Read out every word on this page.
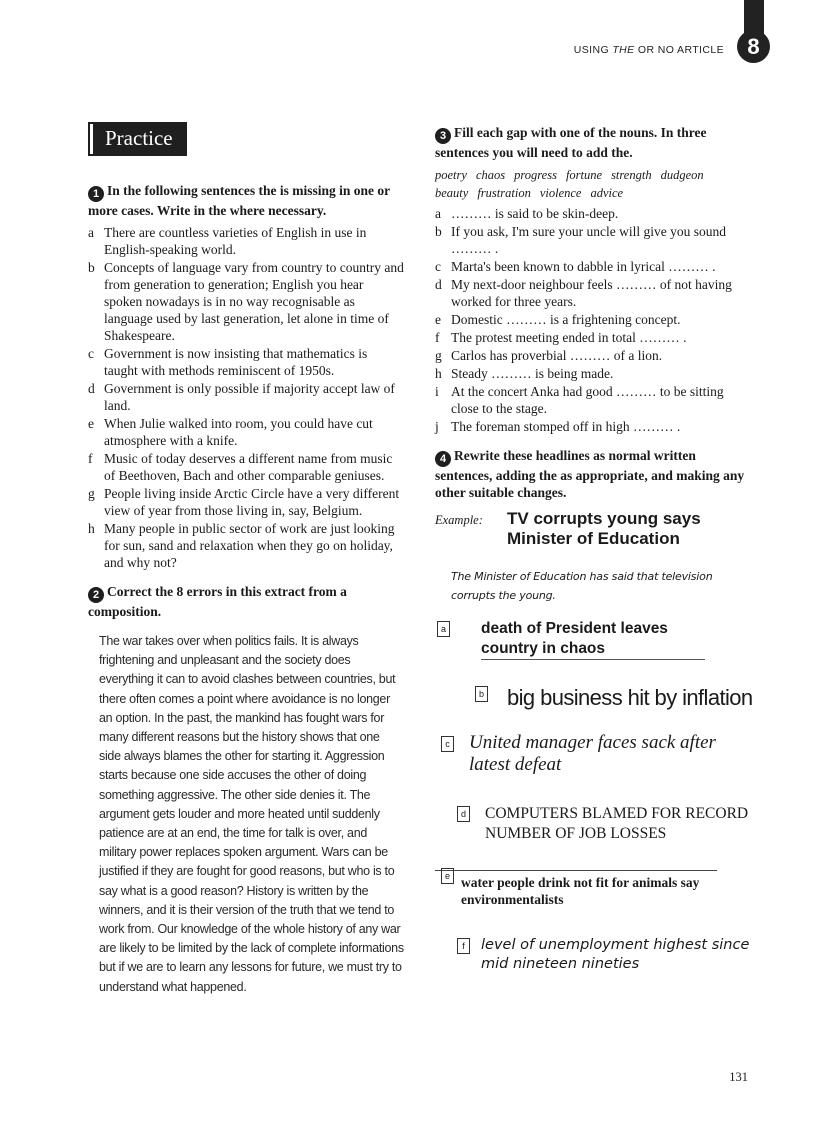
USING THE OR NO ARTICLE	8
Practice
1 In the following sentences the is missing in one or more cases. Write in the where necessary.
a There are countless varieties of English in use in English-speaking world.
b Concepts of language vary from country to country and from generation to generation; English you hear spoken nowadays is in no way recognisable as language used by last generation, let alone in time of Shakespeare.
c Government is now insisting that mathematics is taught with methods reminiscent of 1950s.
d Government is only possible if majority accept law of land.
e When Julie walked into room, you could have cut atmosphere with a knife.
f Music of today deserves a different name from music of Beethoven, Bach and other comparable geniuses.
g People living inside Arctic Circle have a very different view of year from those living in, say, Belgium.
h Many people in public sector of work are just looking for sun, sand and relaxation when they go on holiday, and why not?
2 Correct the 8 errors in this extract from a composition.

The war takes over when politics fails. It is always frightening and unpleasant and the society does everything it can to avoid clashes between countries, but there often comes a point where avoidance is no longer an option. In the past, the mankind has fought wars for many different reasons but the history shows that one side always blames the other for starting it. Aggression starts because one side accuses the other of doing something aggressive. The other side denies it. The argument gets louder and more heated until suddenly patience are at an end, the time for talk is over, and military power replaces spoken argument. Wars can be justified if they are fought for good reasons, but who is to say what is a good reason? History is written by the winners, and it is their version of the truth that we tend to work from. Our knowledge of the whole history of any war are likely to be limited by the lack of complete informations but if we are to learn any lessons for future, we must try to understand what happened.

3 Fill each gap with one of the nouns. In three sentences you will need to add the.
poetry chaos progress fortune strength dudgeon
beauty frustration violence advice
a ……… is said to be skin-deep.
b If you ask, I'm sure your uncle will give you sound ……… .
c Marta's been known to dabble in lyrical ……… .
d My next-door neighbour feels ……… of not having worked for three years.
e Domestic ……… is a frightening concept.
f The protest meeting ended in total ……… .
g Carlos has proverbial ……… of a lion.
h Steady ……… is being made.
i At the concert Anka had good ……… to be sitting close to the stage.
j The foreman stomped off in high ……… .
4 Rewrite these headlines as normal written sentences, adding the as appropriate, and making any other suitable changes.
Example: TV corrupts young says
Minister of Education
The Minister of Education has said that television
corrupts the young.
a death of President leaves
country in chaos
b big business hit by inflation
c United manager faces sack after
latest defeat
d COMPUTERS BLAMED FOR RECORD
NUMBER OF JOB LOSSES
e water people drink not fit for animals say
environmentalists
f	level of unemployment highest since
mid nineteen nineties
131
